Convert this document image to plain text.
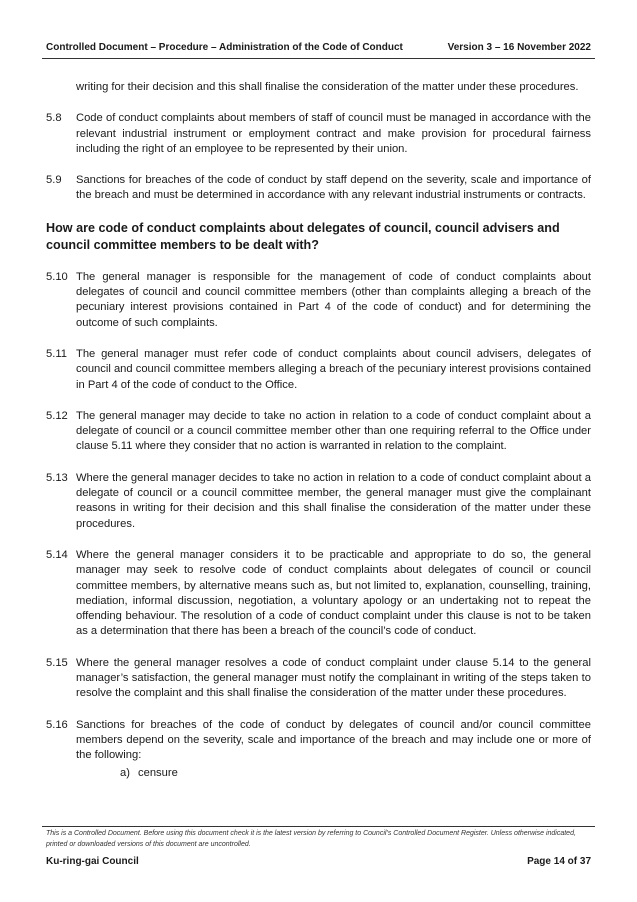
Controlled Document – Procedure – Administration of the Code of Conduct	Version 3 – 16 November 2022
writing for their decision and this shall finalise the consideration of the matter under these procedures.
5.8	Code of conduct complaints about members of staff of council must be managed in accordance with the relevant industrial instrument or employment contract and make provision for procedural fairness including the right of an employee to be represented by their union.
5.9	Sanctions for breaches of the code of conduct by staff depend on the severity, scale and importance of the breach and must be determined in accordance with any relevant industrial instruments or contracts.
How are code of conduct complaints about delegates of council, council advisers and council committee members to be dealt with?
5.10 The general manager is responsible for the management of code of conduct complaints about delegates of council and council committee members (other than complaints alleging a breach of the pecuniary interest provisions contained in Part 4 of the code of conduct) and for determining the outcome of such complaints.
5.11 The general manager must refer code of conduct complaints about council advisers, delegates of council and council committee members alleging a breach of the pecuniary interest provisions contained in Part 4 of the code of conduct to the Office.
5.12 The general manager may decide to take no action in relation to a code of conduct complaint about a delegate of council or a council committee member other than one requiring referral to the Office under clause 5.11 where they consider that no action is warranted in relation to the complaint.
5.13 Where the general manager decides to take no action in relation to a code of conduct complaint about a delegate of council or a council committee member, the general manager must give the complainant reasons in writing for their decision and this shall finalise the consideration of the matter under these procedures.
5.14 Where the general manager considers it to be practicable and appropriate to do so, the general manager may seek to resolve code of conduct complaints about delegates of council or council committee members, by alternative means such as, but not limited to, explanation, counselling, training, mediation, informal discussion, negotiation, a voluntary apology or an undertaking not to repeat the offending behaviour. The resolution of a code of conduct complaint under this clause is not to be taken as a determination that there has been a breach of the council’s code of conduct.
5.15 Where the general manager resolves a code of conduct complaint under clause 5.14 to the general manager’s satisfaction, the general manager must notify the complainant in writing of the steps taken to resolve the complaint and this shall finalise the consideration of the matter under these procedures.
5.16 Sanctions for breaches of the code of conduct by delegates of council and/or council committee members depend on the severity, scale and importance of the breach and may include one or more of the following:
a) censure
This is a Controlled Document. Before using this document check it is the latest version by referring to Council’s Controlled Document Register. Unless otherwise indicated, printed or downloaded versions of this document are uncontrolled.
Ku-ring-gai Council	Page 14 of 37
